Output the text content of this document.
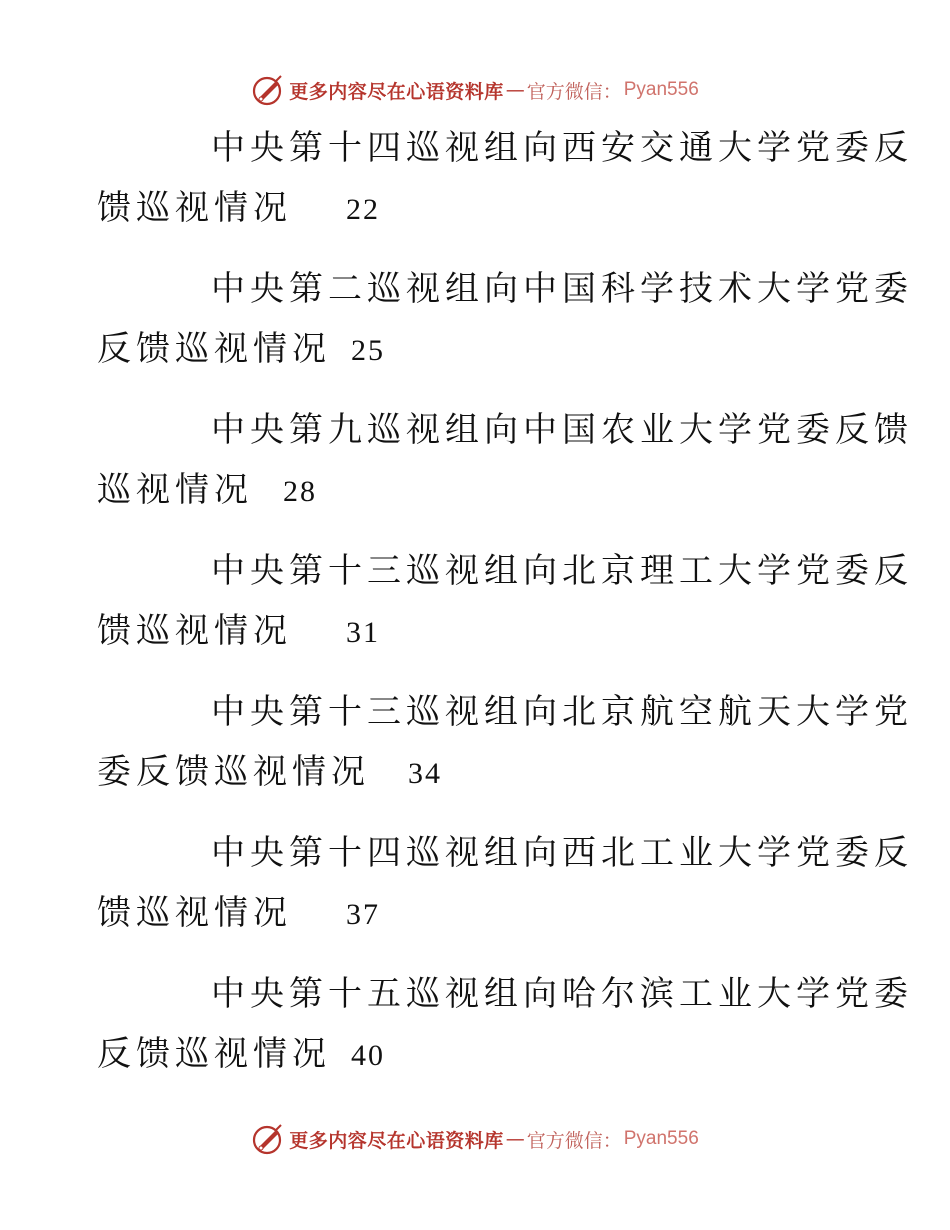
更多内容尽在心语资料库 — 官方微信： Pyan556
中央第十四巡视组向西安交通大学党委反
馈巡视情况 22
中央第二巡视组向中国科学技术大学党委
反馈巡视情况 25
中央第九巡视组向中国农业大学党委反馈
巡视情况 28
中央第十三巡视组向北京理工大学党委反
馈巡视情况 31
中央第十三巡视组向北京航空航天大学党
委反馈巡视情况 34
中央第十四巡视组向西北工业大学党委反
馈巡视情况 37
中央第十五巡视组向哈尔滨工业大学党委
反馈巡视情况 40
更多内容尽在心语资料库 — 官方微信： Pyan556
